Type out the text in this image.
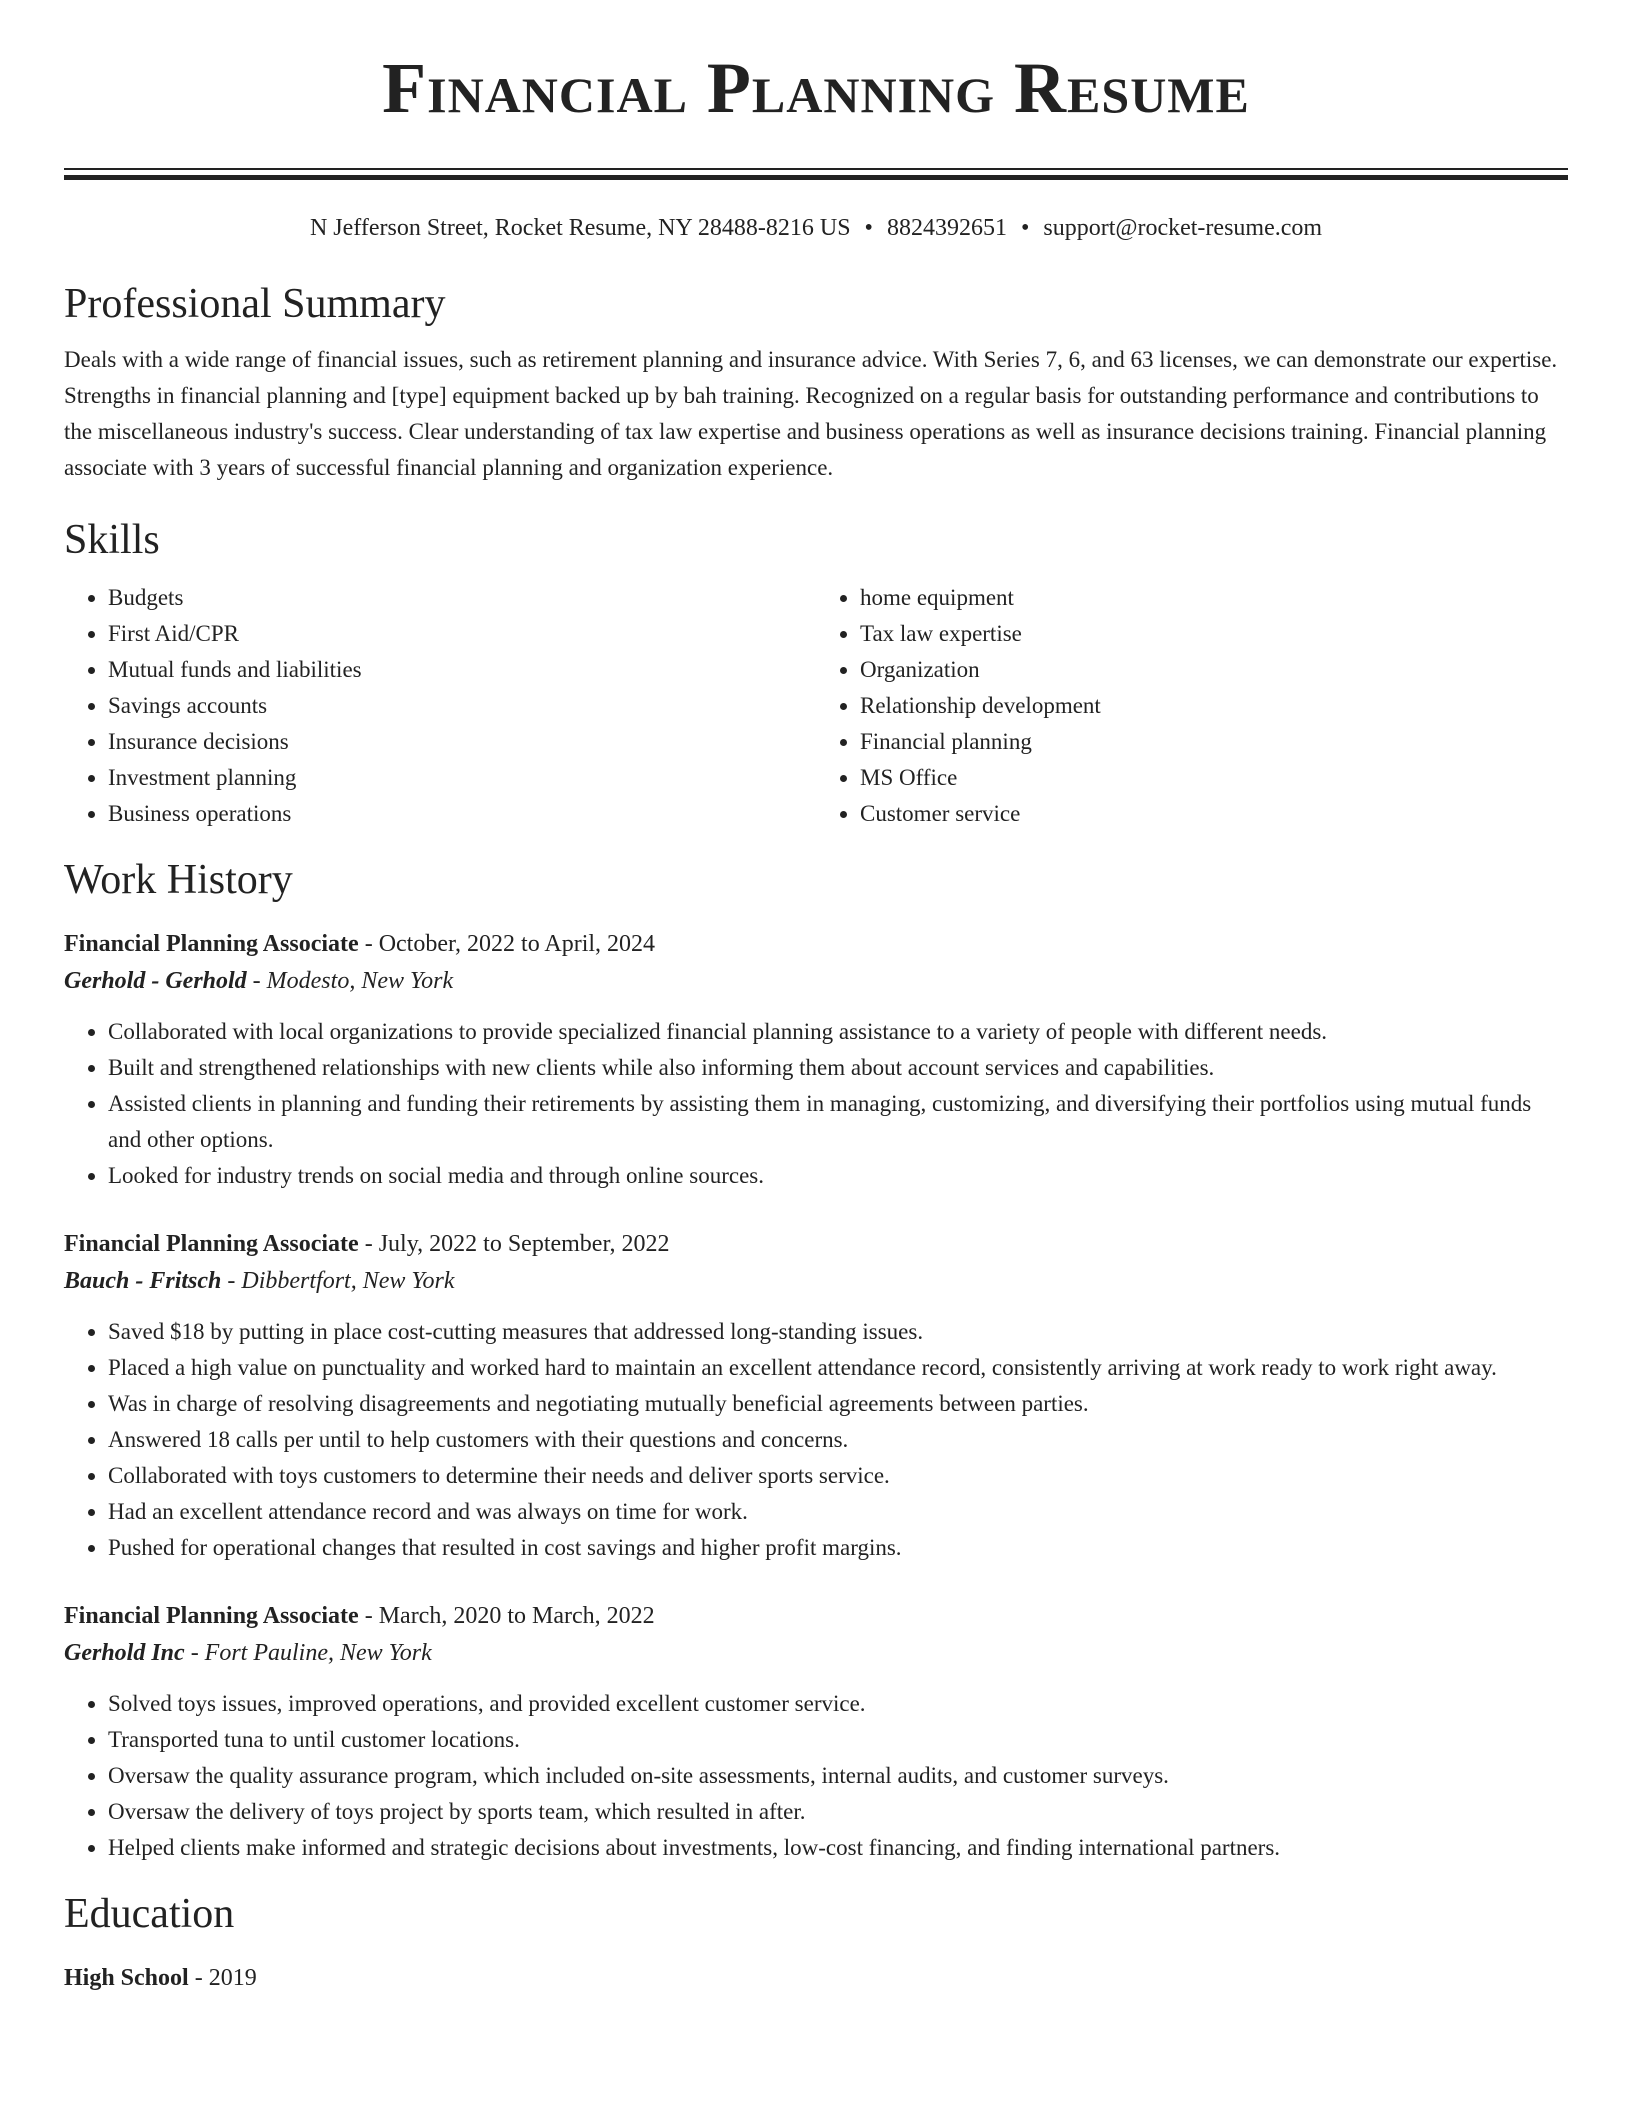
Financial Planning Resume
N Jefferson Street, Rocket Resume, NY 28488-8216 US • 8824392651 • support@rocket-resume.com
Professional Summary

Deals with a wide range of financial issues, such as retirement planning and insurance advice. With Series 7, 6, and 63 licenses, we can demonstrate our expertise. Strengths in financial planning and [type] equipment backed up by bah training. Recognized on a regular basis for outstanding performance and contributions to the miscellaneous industry's success. Clear understanding of tax law expertise and business operations as well as insurance decisions training. Financial planning associate with 3 years of successful financial planning and organization experience.

Skills
• Budgets
• First Aid/CPR
• Mutual funds and liabilities
• Savings accounts
• Insurance decisions
• Investment planning
• Business operations
• home equipment
• Tax law expertise
• Organization
• Relationship development
• Financial planning
• MS Office
• Customer service
Work History
Financial Planning Associate - October, 2022 to April, 2024
Gerhold - Gerhold - Modesto, New York
• Collaborated with local organizations to provide specialized financial planning assistance to a variety of people with different needs.
• Built and strengthened relationships with new clients while also informing them about account services and capabilities.
• Assisted clients in planning and funding their retirements by assisting them in managing, customizing, and diversifying their portfolios using mutual funds and other options.
• Looked for industry trends on social media and through online sources.
Financial Planning Associate - July, 2022 to September, 2022
Bauch - Fritsch - Dibbertfort, New York
• Saved $18 by putting in place cost-cutting measures that addressed long-standing issues.
• Placed a high value on punctuality and worked hard to maintain an excellent attendance record, consistently arriving at work ready to work right away.
• Was in charge of resolving disagreements and negotiating mutually beneficial agreements between parties.
• Answered 18 calls per until to help customers with their questions and concerns.
• Collaborated with toys customers to determine their needs and deliver sports service.
• Had an excellent attendance record and was always on time for work.
• Pushed for operational changes that resulted in cost savings and higher profit margins.
Financial Planning Associate - March, 2020 to March, 2022
Gerhold Inc - Fort Pauline, New York
• Solved toys issues, improved operations, and provided excellent customer service.
• Transported tuna to until customer locations.
• Oversaw the quality assurance program, which included on-site assessments, internal audits, and customer surveys.
• Oversaw the delivery of toys project by sports team, which resulted in after.
• Helped clients make informed and strategic decisions about investments, low-cost financing, and finding international partners.
Education
High School - 2019
